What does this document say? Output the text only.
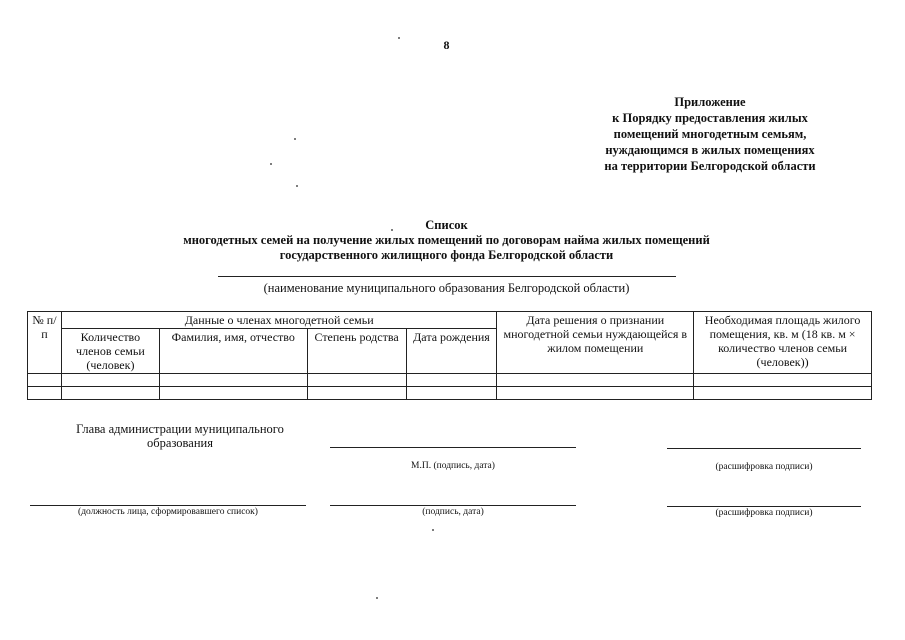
8
Приложение
к Порядку предоставления жилых
помещений многодетным семьям,
нуждающимся в жилых помещениях
на территории Белгородской области
Список
многодетных семей на получение жилых помещений по договорам найма жилых помещений
государственного жилищного фонда Белгородской области
(наименование муниципального образования Белгородской области)
№ п/п	Данные о членах многодетной семьи				Дата решения о признании многодетной семьи нуждающейся в жилом помещении	Необходимая площадь жилого помещения, кв. м (18 кв. м × количество членов семьи (человек))
	Количество членов семьи (человек)	Фамилия, имя, отчество	Степень родства	Дата рождения		

Глава администрации муниципального образования
М.П. (подпись, дата)	(расшифровка подписи)
(должность лица, сформировавшего список)	(подпись, дата)	(расшифровка подписи)
